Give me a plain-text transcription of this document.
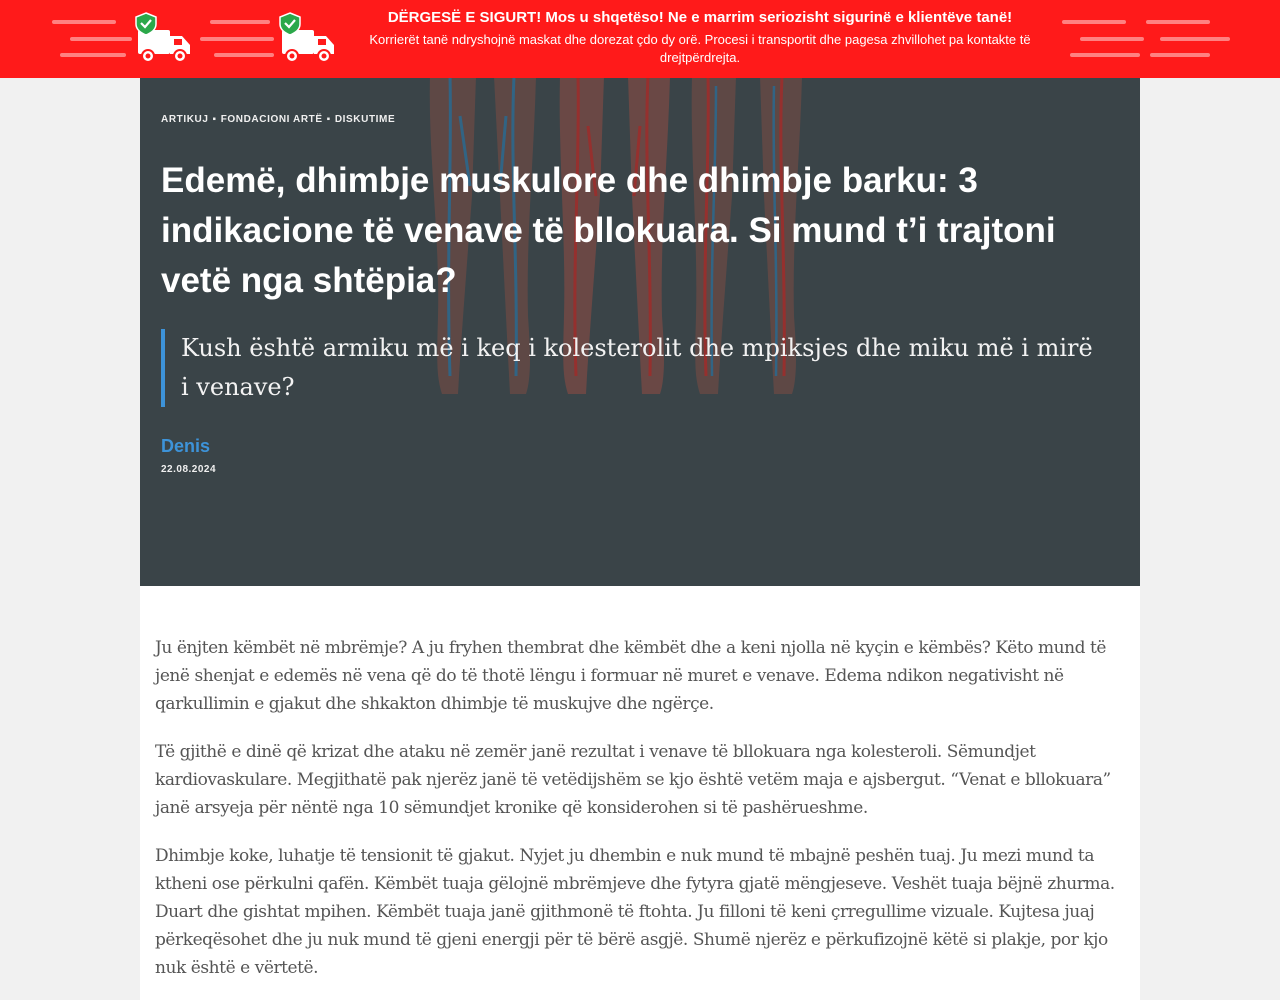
DËRGESË E SIGURT! Mos u shqetëso! Ne e marrim seriozisht sigurinë e klientëve tanë!
Korrierët tanë ndryshojnë maskat dhe dorezat çdo dy orë. Procesi i transportit dhe pagesa zhvillohet pa kontakte të drejtpërdrejta.
ARTIKUJ ▪ FONDACIONI ARTË ▪ DISKUTIME
Edemë, dhimbje muskulore dhe dhimbje barku: 3 indikacione të venave të bllokuara. Si mund t’i trajtoni vetë nga shtëpia?
Kush është armiku më i keq i kolesterolit dhe mpiksjes dhe miku më i mirë i venave?
Denis
22.08.2024

Ju ënjten këmbët në mbrëmje? A ju fryhen thembrat dhe këmbët dhe a keni njolla në kyçin e këmbës? Këto mund të jenë shenjat e edemës në vena që do të thotë lëngu i formuar në muret e venave. Edema ndikon negativisht në qarkullimin e gjakut dhe shkakton dhimbje të muskujve dhe ngërçe.

Të gjithë e dinë që krizat dhe ataku në zemër janë rezultat i venave të bllokuara nga kolesteroli. Sëmundjet kardiovaskulare. Megjithatë pak njerëz janë të vetëdijshëm se kjo është vetëm maja e ajsbergut. “Venat e bllokuara” janë arsyeja për nëntë nga 10 sëmundjet kronike që konsiderohen si të pashërueshme.

Dhimbje koke, luhatje të tensionit të gjakut. Nyjet ju dhembin e nuk mund të mbajnë peshën tuaj. Ju mezi mund ta ktheni ose përkulni qafën. Këmbët tuaja gëlojnë mbrëmjeve dhe fytyra gjatë mëngjeseve. Veshët tuaja bëjnë zhurma. Duart dhe gishtat mpihen. Këmbët tuaja janë gjithmonë të ftohta. Ju filloni të keni çrregullime vizuale. Kujtesa juaj përkeqësohet dhe ju nuk mund të gjeni energji për të bërë asgjë. Shumë njerëz e përkufizojnë këtë si plakje, por kjo nuk është e vërtetë.
